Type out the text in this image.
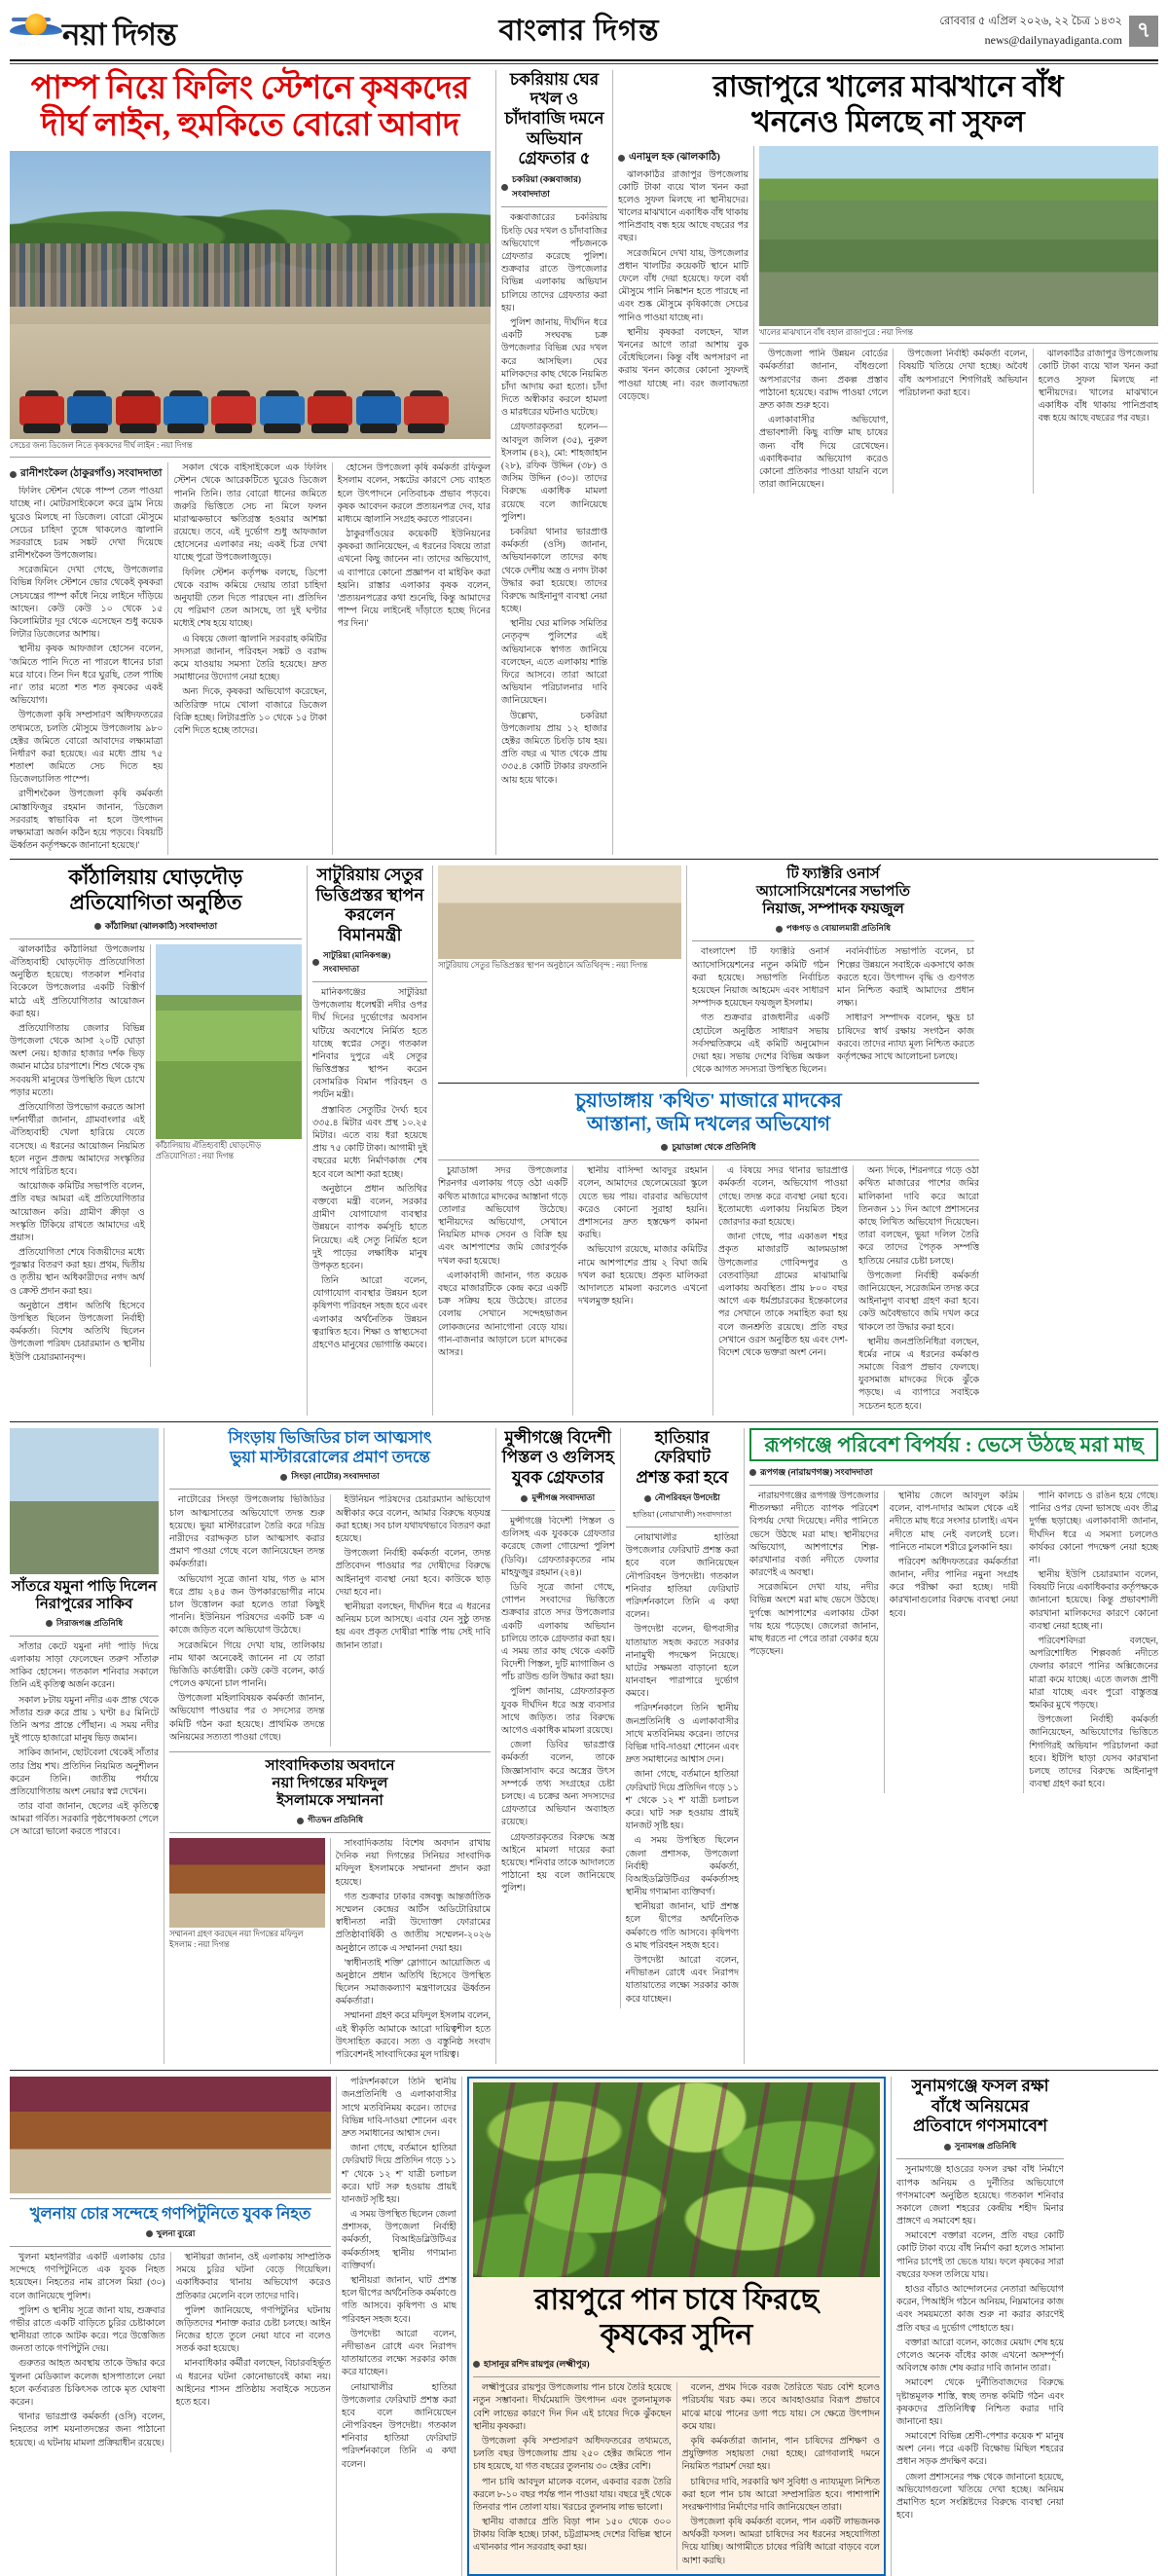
নয়া দিগন্ত	বাংলার দিগন্ত	রোববার ৫ এপ্রিল ২০২৬, ২২ চৈত্র ১৪৩২
news@dailynayadiganta.com ৭
পাম্প নিয়ে ফিলিং স্টেশনে কৃষকদের
দীর্ঘ লাইন, হুমকিতে বোরো আবাদ
সেচের জন্য ডিজেল নিতে কৃষকদের দীর্ঘ লাইন : নয়া দিগন্ত
রানীশংকৈল (ঠাকুরগাঁও) সংবাদদাতা

ফিলিং স্টেশন থেকে পাম্প তেল পাওয়া যাচ্ছে না। মোটরসাইকেলে করে ড্রাম নিয়ে ঘুরেও মিলছে না ডিজেল। বোরো মৌসুমে সেচের চাহিদা তুঙ্গে থাকলেও জ্বালানি সরবরাহে চরম সঙ্কট দেখা দিয়েছে রানীশংকৈল উপজেলায়।

সরেজমিনে দেখা গেছে, উপজেলার বিভিন্ন ফিলিং স্টেশনে ভোর থেকেই কৃষকরা সেচযন্ত্রের পাম্প কাঁধে নিয়ে লাইনে দাঁড়িয়ে আছেন। কেউ কেউ ১০ থেকে ১৫ কিলোমিটার দূর থেকে এসেছেন শুধু কয়েক লিটার ডিজেলের আশায়।

স্থানীয় কৃষক আফজাল হোসেন বলেন, 'জমিতে পানি দিতে না পারলে ধানের চারা মরে যাবে। তিন দিন ধরে ঘুরছি, তেল পাচ্ছি না।' তার মতো শত শত কৃষকের একই অভিযোগ।

উপজেলা কৃষি সম্প্রসারণ অধিদফতরের তথ্যমতে, চলতি মৌসুমে উপজেলায় ৯৮০ হেক্টর জমিতে বোরো আবাদের লক্ষ্যমাত্রা নির্ধারণ করা হয়েছে। এর মধ্যে প্রায় ৭৫ শতাংশ জমিতে সেচ দিতে হয় ডিজেলচালিত পাম্পে।

রাণীশংকৈল উপজেলা কৃষি কর্মকর্তা মোস্তাফিজুর রহমান জানান, 'ডিজেল সরবরাহ স্বাভাবিক না হলে উৎপাদন লক্ষ্যমাত্রা অর্জন কঠিন হয়ে পড়বে। বিষয়টি ঊর্ধ্বতন কর্তৃপক্ষকে জানানো হয়েছে।'

সকাল থেকে বাইসাইকেলে এক ফিলিং স্টেশন থেকে আরেকটিতে ঘুরেও ডিজেল পাননি তিনি। তার বোরো ধানের জমিতে জরুরি ভিত্তিতে সেচ না মিলে ফলন মারাত্মকভাবে ক্ষতিগ্রস্ত হওয়ার আশঙ্কা রয়েছে। তবে, এই দুর্ভোগ শুধু আফজাল হোসেনের এলাকার নয়; একই চিত্র দেখা যাচ্ছে পুরো উপজেলাজুড়ে।

ফিলিং স্টেশন কর্তৃপক্ষ বলছে, ডিপো থেকে বরাদ্দ কমিয়ে দেয়ায় তারা চাহিদা অনুযায়ী তেল দিতে পারছেন না। প্রতিদিন যে পরিমাণ তেল আসছে, তা দুই ঘণ্টার মধ্যেই শেষ হয়ে যাচ্ছে।

এ বিষয়ে জেলা জ্বালানি সরবরাহ কমিটির সদস্যরা জানান, পরিবহন সঙ্কট ও বরাদ্দ কমে যাওয়ায় সমস্যা তৈরি হয়েছে। দ্রুত সমাধানের উদ্যোগ নেয়া হচ্ছে।

অন্য দিকে, কৃষকরা অভিযোগ করেছেন, অতিরিক্ত দামে খোলা বাজারে ডিজেল বিক্রি হচ্ছে। লিটারপ্রতি ১০ থেকে ১৫ টাকা বেশি দিতে হচ্ছে তাদের।

হোসেন উপজেলা কৃষি কর্মকর্তা রফিকুল ইসলাম বলেন, সঙ্কটের কারণে সেচ ব্যাহত হলে উৎপাদনে নেতিবাচক প্রভাব পড়বে। কৃষক আবেদন করলে প্রত্যয়নপত্র দেব, যার মাধ্যমে জ্বালানি সংগ্রহ করতে পারবেন।

ঠাকুরগাঁওয়ের কয়েকটি ইউনিয়নের কৃষকরা জানিয়েছেন, এ ধরনের বিষয়ে তারা এখনো কিছু জানেন না। তাদের অভিযোগ, এ ব্যাপারে কোনো প্রজ্ঞাপন বা মাইকিং করা হয়নি। রাস্তার এলাকার কৃষক বলেন, 'প্রত্যয়নপত্রের কথা শুনেছি, কিন্তু আমাদের পাম্প নিয়ে লাইনেই দাঁড়াতে হচ্ছে দিনের পর দিন।'

চকরিয়ায় ঘের দখল ও চাঁদাবাজি দমনে অভিযান গ্রেফতার ৫
চকরিয়া (কক্সবাজার) সংবাদদাতা

কক্সবাজারের চকরিয়ায় চিংড়ি ঘের দখল ও চাঁদাবাজির অভিযোগে পাঁচজনকে গ্রেফতার করেছে পুলিশ। শুক্রবার রাতে উপজেলার বিভিন্ন এলাকায় অভিযান চালিয়ে তাদের গ্রেফতার করা হয়।

পুলিশ জানায়, দীর্ঘদিন ধরে একটি সংঘবদ্ধ চক্র উপজেলার বিভিন্ন ঘের দখল করে আসছিল। ঘের মালিকদের কাছ থেকে নিয়মিত চাঁদা আদায় করা হতো। চাঁদা দিতে অস্বীকার করলে হামলা ও মারধরের ঘটনাও ঘটেছে।

গ্রেফতারকৃতরা হলেন—আবদুল জলিল (৩৫), নুরুল ইসলাম (৪২), মো: শাহজাহান (২৮), রফিক উদ্দিন (৩৮) ও জসিম উদ্দিন (৩০)। তাদের বিরুদ্ধে একাধিক মামলা রয়েছে বলে জানিয়েছে পুলিশ।

চকরিয়া থানার ভারপ্রাপ্ত কর্মকর্তা (ওসি) জানান, অভিযানকালে তাদের কাছ থেকে দেশীয় অস্ত্র ও নগদ টাকা উদ্ধার করা হয়েছে। তাদের বিরুদ্ধে আইনানুগ ব্যবস্থা নেয়া হচ্ছে।

স্থানীয় ঘের মালিক সমিতির নেতৃবৃন্দ পুলিশের এই অভিযানকে স্বাগত জানিয়ে বলেছেন, এতে এলাকায় শান্তি ফিরে আসবে। তারা আরো অভিযান পরিচালনার দাবি জানিয়েছেন।

উল্লেখ্য, চকরিয়া উপজেলায় প্রায় ১২ হাজার হেক্টর জমিতে চিংড়ি চাষ হয়। প্রতি বছর এ খাত থেকে প্রায় ৩৩৫.৪ কোটি টাকার রফতানি আয় হয়ে থাকে।

রাজাপুরে খালের মাঝখানে বাঁধ
খননেও মিলছে না সুফল
এনামুল হক (ঝালকাঠি)

ঝালকাঠির রাজাপুর উপজেলায় কোটি টাকা ব্যয়ে খাল খনন করা হলেও সুফল মিলছে না স্থানীয়দের। খালের মাঝখানে একাধিক বাঁধ থাকায় পানিপ্রবাহ বন্ধ হয়ে আছে বছরের পর বছর।

সরেজমিনে দেখা যায়, উপজেলার প্রধান খালটির কয়েকটি স্থানে মাটি ফেলে বাঁধ দেয়া হয়েছে। ফলে বর্ষা মৌসুমে পানি নিষ্কাশন হতে পারছে না এবং শুষ্ক মৌসুমে কৃষিকাজে সেচের পানিও পাওয়া যাচ্ছে না।

স্থানীয় কৃষকরা বলছেন, খাল খননের আগে তারা আশায় বুক বেঁধেছিলেন। কিন্তু বাঁধ অপসারণ না করায় খনন কাজের কোনো সুফলই পাওয়া যাচ্ছে না। বরং জলাবদ্ধতা বেড়েছে।

খালের মাঝখানে বাঁধ বহাল রাজাপুরে : নয়া দিগন্ত

উপজেলা পানি উন্নয়ন বোর্ডের কর্মকর্তারা জানান, বাঁধগুলো অপসারণের জন্য প্রকল্প প্রস্তাব পাঠানো হয়েছে। বরাদ্দ পাওয়া গেলে দ্রুত কাজ শুরু হবে।

এলাকাবাসীর অভিযোগ, প্রভাবশালী কিছু ব্যক্তি মাছ চাষের জন্য বাঁধ দিয়ে রেখেছেন। একাধিকবার অভিযোগ করেও কোনো প্রতিকার পাওয়া যায়নি বলে তারা জানিয়েছেন।

উপজেলা নির্বাহী কর্মকর্তা বলেন, বিষয়টি খতিয়ে দেখা হচ্ছে। অবৈধ বাঁধ অপসারণে শিগগিরই অভিযান পরিচালনা করা হবে।

ঝালকাঠির রাজাপুর উপজেলায় কোটি টাকা ব্যয়ে খাল খনন করা হলেও সুফল মিলছে না স্থানীয়দের। খালের মাঝখানে একাধিক বাঁধ থাকায় পানিপ্রবাহ বন্ধ হয়ে আছে বছরের পর বছর।

কাঁঠালিয়ায় ঘোড়দৌড়
প্রতিযোগিতা অনুষ্ঠিত
কাঁঠালিয়া (ঝালকাঠি) সংবাদদাতা

ঝালকাঠির কাঁঠালিয়া উপজেলায় ঐতিহ্যবাহী ঘোড়দৌড় প্রতিযোগিতা অনুষ্ঠিত হয়েছে। গতকাল শনিবার বিকেলে উপজেলার একটি বিস্তীর্ণ মাঠে এই প্রতিযোগিতার আয়োজন করা হয়।

প্রতিযোগিতায় জেলার বিভিন্ন উপজেলা থেকে আসা ২০টি ঘোড়া অংশ নেয়। হাজার হাজার দর্শক ভিড় জমান মাঠের চারপাশে। শিশু থেকে বৃদ্ধ সববয়সী মানুষের উপস্থিতি ছিল চোখে পড়ার মতো।

প্রতিযোগিতা উপভোগ করতে আসা দর্শনার্থীরা জানান, গ্রামবাংলার এই ঐতিহ্যবাহী খেলা হারিয়ে যেতে বসেছে। এ ধরনের আয়োজন নিয়মিত হলে নতুন প্রজন্ম আমাদের সংস্কৃতির সাথে পরিচিত হবে।

আয়োজক কমিটির সভাপতি বলেন, প্রতি বছর আমরা এই প্রতিযোগিতার আয়োজন করি। গ্রামীণ ক্রীড়া ও সংস্কৃতি টিকিয়ে রাখতে আমাদের এই প্রয়াস।

প্রতিযোগিতা শেষে বিজয়ীদের মধ্যে পুরস্কার বিতরণ করা হয়। প্রথম, দ্বিতীয় ও তৃতীয় স্থান অধিকারীদের নগদ অর্থ ও ক্রেস্ট প্রদান করা হয়।

অনুষ্ঠানে প্রধান অতিথি হিসেবে উপস্থিত ছিলেন উপজেলা নির্বাহী কর্মকর্তা। বিশেষ অতিথি ছিলেন উপজেলা পরিষদ চেয়ারম্যান ও স্থানীয় ইউপি চেয়ারম্যানবৃন্দ।

কাঁঠালিয়ায় ঐতিহ্যবাহী ঘোড়দৌড় প্রতিযোগিতা : নয়া দিগন্ত
সাটুরিয়ায় সেতুর
ভিত্তিপ্রস্তর স্থাপন
করলেন বিমানমন্ত্রী
সাটুরিয়া (মানিকগঞ্জ) সংবাদদাতা

মানিকগঞ্জের সাটুরিয়া উপজেলায় ধলেশ্বরী নদীর ওপর দীর্ঘ দিনের দুর্ভোগের অবসান ঘটিয়ে অবশেষে নির্মিত হতে যাচ্ছে স্বপ্নের সেতু। গতকাল শনিবার দুপুরে এই সেতুর ভিত্তিপ্রস্তর স্থাপন করেন বেসামরিক বিমান পরিবহন ও পর্যটন মন্ত্রী।

প্রস্তাবিত সেতুটির দৈর্ঘ্য হবে ৩৩৫.৪ মিটার এবং প্রস্থ ১০.২৫ মিটার। এতে ব্যয় ধরা হয়েছে প্রায় ৭৫ কোটি টাকা। আগামী দুই বছরের মধ্যে নির্মাণকাজ শেষ হবে বলে আশা করা হচ্ছে।

অনুষ্ঠানে প্রধান অতিথির বক্তব্যে মন্ত্রী বলেন, সরকার গ্রামীণ যোগাযোগ ব্যবস্থার উন্নয়নে ব্যাপক কর্মসূচি হাতে নিয়েছে। এই সেতু নির্মিত হলে দুই পাড়ের লক্ষাধিক মানুষ উপকৃত হবেন।

তিনি আরো বলেন, যোগাযোগ ব্যবস্থার উন্নয়ন হলে কৃষিপণ্য পরিবহন সহজ হবে এবং এলাকার অর্থনৈতিক উন্নয়ন ত্বরান্বিত হবে। শিক্ষা ও স্বাস্থ্যসেবা গ্রহণেও মানুষের ভোগান্তি কমবে।

সাটুরিয়ায় সেতুর ভিত্তিপ্রস্তর স্থাপন অনুষ্ঠানে অতিথিবৃন্দ : নয়া দিগন্ত
টি ফ্যাক্টরি ওনার্স
অ্যাসোসিয়েশনের সভাপতি
নিয়াজ, সম্পাদক ফয়জুল
পঞ্চগড় ও বোয়ালমারী প্রতিনিধি

বাংলাদেশ টি ফ্যাক্টরি ওনার্স অ্যাসোসিয়েশনের নতুন কমিটি গঠন করা হয়েছে। সভাপতি নির্বাচিত হয়েছেন নিয়াজ আহমেদ এবং সাধারণ সম্পাদক হয়েছেন ফয়জুল ইসলাম।

গত শুক্রবার রাজধানীর একটি হোটেলে অনুষ্ঠিত সাধারণ সভায় সর্বসম্মতিক্রমে এই কমিটি অনুমোদন দেয়া হয়। সভায় দেশের বিভিন্ন অঞ্চল থেকে আগত সদস্যরা উপস্থিত ছিলেন।

নবনির্বাচিত সভাপতি বলেন, চা শিল্পের উন্নয়নে সবাইকে একসাথে কাজ করতে হবে। উৎপাদন বৃদ্ধি ও গুণগত মান নিশ্চিত করাই আমাদের প্রধান লক্ষ্য।

সাধারণ সম্পাদক বলেন, ক্ষুদ্র চা চাষিদের স্বার্থ রক্ষায় সংগঠন কাজ করবে। তাদের ন্যায্য মূল্য নিশ্চিত করতে কর্তৃপক্ষের সাথে আলোচনা চলছে।

চুয়াডাঙ্গায় 'কথিত' মাজারে মাদকের
আস্তানা, জমি দখলের অভিযোগ
চুয়াডাঙ্গা থেকে প্রতিনিধি

চুয়াডাঙ্গা সদর উপজেলার শিরনগর এলাকায় গড়ে ওঠা একটি কথিত মাজারে মাদকের আস্তানা গড়ে তোলার অভিযোগ উঠেছে। স্থানীয়দের অভিযোগ, সেখানে নিয়মিত মাদক সেবন ও বিক্রি হয় এবং আশপাশের জমি জোরপূর্বক দখল করা হয়েছে।

এলাকাবাসী জানান, গত কয়েক বছরে মাজারটিকে কেন্দ্র করে একটি চক্র সক্রিয় হয়ে উঠেছে। রাতের বেলায় সেখানে সন্দেহভাজন লোকজনের আনাগোনা বেড়ে যায়। গান-বাজনার আড়ালে চলে মাদকের আসর।

স্থানীয় বাসিন্দা আবদুর রহমান বলেন, আমাদের ছেলেমেয়েরা স্কুলে যেতে ভয় পায়। বারবার অভিযোগ করেও কোনো সুরাহা হয়নি। প্রশাসনের দ্রুত হস্তক্ষেপ কামনা করছি।

অভিযোগ রয়েছে, মাজার কমিটির নামে আশপাশের প্রায় ২ বিঘা জমি দখল করা হয়েছে। প্রকৃত মালিকরা আদালতে মামলা করলেও এখনো দখলমুক্ত হয়নি।

এ বিষয়ে সদর থানার ভারপ্রাপ্ত কর্মকর্তা বলেন, অভিযোগ পাওয়া গেছে। তদন্ত করে ব্যবস্থা নেয়া হবে। ইতোমধ্যে এলাকায় নিয়মিত টহল জোরদার করা হয়েছে।

জানা গেছে, পার একাঙল শহর প্রকৃত মাজারটি আলমডাঙ্গা উপজেলার গোবিন্দপুর ও বেতবাড়িয়া গ্রামের মাঝামাঝি এলাকায় অবস্থিত। প্রায় ৮০০ বছর আগে এক ধর্মপ্রচারকের ইন্তেকালের পর সেখানে তাকে সমাহিত করা হয় বলে জনশ্রুতি রয়েছে। প্রতি বছর সেখানে ওরস অনুষ্ঠিত হয় এবং দেশ-বিদেশ থেকে ভক্তরা অংশ নেন।

অন্য দিকে, শিরনগরে গড়ে ওঠা কথিত মাজারের পাশের জমির মালিকানা দাবি করে আরো তিনজন ১১ দিন আগে প্রশাসনের কাছে লিখিত অভিযোগ দিয়েছেন। তারা বলছেন, ভুয়া দলিল তৈরি করে তাদের পৈতৃক সম্পত্তি হাতিয়ে নেয়ার চেষ্টা চলছে।

উপজেলা নির্বাহী কর্মকর্তা জানিয়েছেন, সরেজমিন তদন্ত করে আইনানুগ ব্যবস্থা গ্রহণ করা হবে। কেউ অবৈধভাবে জমি দখল করে থাকলে তা উদ্ধার করা হবে।

স্থানীয় জনপ্রতিনিধিরা বলছেন, ধর্মের নামে এ ধরনের কর্মকাণ্ড সমাজে বিরূপ প্রভাব ফেলছে। যুবসমাজ মাদকের দিকে ঝুঁকে পড়ছে। এ ব্যাপারে সবাইকে সচেতন হতে হবে।

সাঁতরে যমুনা পাড়ি দিলেন
নিরাপুরের সাকিব
সিরাজগঞ্জ প্রতিনিধি

সাঁতার কেটে যমুনা নদী পাড়ি দিয়ে এলাকায় সাড়া ফেলেছেন তরুণ সাঁতারু সাকিব হোসেন। গতকাল শনিবার সকালে তিনি এই কৃতিত্ব অর্জন করেন।

সকাল ৮টায় যমুনা নদীর এক প্রান্ত থেকে সাঁতার শুরু করে প্রায় ১ ঘণ্টা ৪৫ মিনিটে তিনি অপর প্রান্তে পৌঁছান। এ সময় নদীর দুই পাড়ে হাজারো মানুষ ভিড় জমান।

সাকিব জানান, ছোটবেলা থেকেই সাঁতার তার প্রিয় শখ। প্রতিদিন নিয়মিত অনুশীলন করেন তিনি। জাতীয় পর্যায়ে প্রতিযোগিতায় অংশ নেয়ার স্বপ্ন দেখেন।

তার বাবা জানান, ছেলের এই কৃতিত্বে আমরা গর্বিত। সরকারি পৃষ্ঠপোষকতা পেলে সে আরো ভালো করতে পারবে।

সিংড়ায় ভিজিডির চাল আত্মসাৎ
ভুয়া মাস্টাররোলের প্রমাণ তদন্তে
সিংড়া (নাটোর) সংবাদদাতা

নাটোরের সিংড়া উপজেলায় ভিজিডির চাল আত্মসাতের অভিযোগে তদন্ত শুরু হয়েছে। ভুয়া মাস্টাররোল তৈরি করে দরিদ্র নারীদের বরাদ্দকৃত চাল আত্মসাৎ করার প্রমাণ পাওয়া গেছে বলে জানিয়েছেন তদন্ত কর্মকর্তারা।

অভিযোগ সূত্রে জানা যায়, গত ৬ মাস ধরে প্রায় ২৪৫ জন উপকারভোগীর নামে চাল উত্তোলন করা হলেও তারা কিছুই পাননি। ইউনিয়ন পরিষদের একটি চক্র এ কাজে জড়িত বলে অভিযোগ উঠেছে।

সরেজমিনে গিয়ে দেখা যায়, তালিকায় নাম থাকা অনেকেই জানেন না যে তারা ভিজিডি কার্ডধারী। কেউ কেউ বলেন, কার্ড পেলেও কখনো চাল পাননি।

উপজেলা মহিলাবিষয়ক কর্মকর্তা জানান, অভিযোগ পাওয়ার পর ৩ সদস্যের তদন্ত কমিটি গঠন করা হয়েছে। প্রাথমিক তদন্তে অনিয়মের সত্যতা পাওয়া গেছে।

ইউনিয়ন পরিষদের চেয়ারম্যান অভিযোগ অস্বীকার করে বলেন, আমার বিরুদ্ধে ষড়যন্ত্র করা হচ্ছে। সব চাল যথাযথভাবে বিতরণ করা হয়েছে।

উপজেলা নির্বাহী কর্মকর্তা বলেন, তদন্ত প্রতিবেদন পাওয়ার পর দোষীদের বিরুদ্ধে আইনানুগ ব্যবস্থা নেয়া হবে। কাউকে ছাড় দেয়া হবে না।

স্থানীয়রা বলছেন, দীর্ঘদিন ধরে এ ধরনের অনিয়ম চলে আসছে। এবার যেন সুষ্ঠু তদন্ত হয় এবং প্রকৃত দোষীরা শাস্তি পায় সেই দাবি জানান তারা।

সাংবাদিকতায় অবদানে
নয়া দিগন্তের মফিদুল
ইসলামকে সম্মাননা
গীতদ্বন প্রতিনিধি
সম্মাননা গ্রহণ করছেন নয়া দিগন্তের মফিদুল ইসলাম : নয়া দিগন্ত

সাংবাদিকতায় বিশেষ অবদান রাখায় দৈনিক নয়া দিগন্তের সিনিয়র সাংবাদিক মফিদুল ইসলামকে সম্মাননা প্রদান করা হয়েছে।

গত শুক্রবার ঢাকার বঙ্গবন্ধু আন্তর্জাতিক সম্মেলন কেন্দ্রের আর্টস অডিটোরিয়ামে স্বাধীনতা নারী উদ্যোক্তা ফোরামের প্রতিষ্ঠাবার্ষিকী ও জাতীয় সম্মেলন-২০২৬ অনুষ্ঠানে তাকে এ সম্মাননা দেয়া হয়।

'স্বাধীনতাই শক্তি' স্লোগানে আয়োজিত এ অনুষ্ঠানে প্রধান অতিথি হিসেবে উপস্থিত ছিলেন সমাজকল্যাণ মন্ত্রণালয়ের ঊর্ধ্বতন কর্মকর্তারা।

সম্মাননা গ্রহণ করে মফিদুল ইসলাম বলেন, এই স্বীকৃতি আমাকে আরো দায়িত্বশীল হতে উৎসাহিত করবে। সত্য ও বস্তুনিষ্ঠ সংবাদ পরিবেশনই সাংবাদিকের মূল দায়িত্ব।

মুন্সীগঞ্জে বিদেশী
পিস্তল ও গুলিসহ
যুবক গ্রেফতার
মুন্সীগঞ্জ সংবাদদাতা

মুন্সীগঞ্জে বিদেশী পিস্তল ও গুলিসহ এক যুবককে গ্রেফতার করেছে জেলা গোয়েন্দা পুলিশ (ডিবি)। গ্রেফতারকৃতের নাম মাহফুজুর রহমান (২৪)।

ডিবি সূত্রে জানা গেছে, গোপন সংবাদের ভিত্তিতে শুক্রবার রাতে সদর উপজেলার একটি এলাকায় অভিযান চালিয়ে তাকে গ্রেফতার করা হয়। এ সময় তার কাছ থেকে একটি বিদেশী পিস্তল, দুটি ম্যাগাজিন ও পাঁচ রাউন্ড গুলি উদ্ধার করা হয়।

পুলিশ জানায়, গ্রেফতারকৃত যুবক দীর্ঘদিন ধরে অস্ত্র ব্যবসার সাথে জড়িত। তার বিরুদ্ধে আগেও একাধিক মামলা রয়েছে।

জেলা ডিবির ভারপ্রাপ্ত কর্মকর্তা বলেন, তাকে জিজ্ঞাসাবাদ করে অস্ত্রের উৎস সম্পর্কে তথ্য সংগ্রহের চেষ্টা চলছে। এ চক্রের অন্য সদস্যদের গ্রেফতারে অভিযান অব্যাহত রয়েছে।

গ্রেফতারকৃতের বিরুদ্ধে অস্ত্র আইনে মামলা দায়ের করা হয়েছে। শনিবার তাকে আদালতে পাঠানো হয় বলে জানিয়েছে পুলিশ।

হাতিয়ার ফেরিঘাট
প্রশস্ত করা হবে
নৌপরিবহন উপদেষ্টা
হাতিয়া (নোয়াখালী) সংবাদদাতা

নোয়াখালীর হাতিয়া উপজেলার ফেরিঘাট প্রশস্ত করা হবে বলে জানিয়েছেন নৌপরিবহন উপদেষ্টা। গতকাল শনিবার হাতিয়া ফেরিঘাট পরিদর্শনকালে তিনি এ কথা বলেন।

উপদেষ্টা বলেন, দ্বীপবাসীর যাতায়াত সহজ করতে সরকার নানামুখী পদক্ষেপ নিয়েছে। ঘাটের সক্ষমতা বাড়ানো হলে যানবাহন পারাপারে দুর্ভোগ কমবে।

পরিদর্শনকালে তিনি স্থানীয় জনপ্রতিনিধি ও এলাকাবাসীর সাথে মতবিনিময় করেন। তাদের বিভিন্ন দাবি-দাওয়া শোনেন এবং দ্রুত সমাধানের আশ্বাস দেন।

জানা গেছে, বর্তমানে হাতিয়া ফেরিঘাট দিয়ে প্রতিদিন গড়ে ১১ শ' থেকে ১২ শ' যাত্রী চলাচল করে। ঘাট সরু হওয়ায় প্রায়ই যানজট সৃষ্টি হয়।

এ সময় উপস্থিত ছিলেন জেলা প্রশাসক, উপজেলা নির্বাহী কর্মকর্তা, বিআইডব্লিউটিএর কর্মকর্তাসহ স্থানীয় গণ্যমান্য ব্যক্তিবর্গ।

স্থানীয়রা জানান, ঘাট প্রশস্ত হলে দ্বীপের অর্থনৈতিক কর্মকাণ্ডে গতি আসবে। কৃষিপণ্য ও মাছ পরিবহন সহজ হবে।

উপদেষ্টা আরো বলেন, নদীভাঙন রোধে এবং নিরাপদ যাতায়াতের লক্ষ্যে সরকার কাজ করে যাচ্ছেন।

রূপগঞ্জে পরিবেশ বিপর্যয় : ভেসে উঠছে মরা মাছ
রূপগঞ্জ (নারায়ণগঞ্জ) সংবাদদাতা

নারায়ণগঞ্জের রূপগঞ্জ উপজেলার শীতলক্ষ্যা নদীতে ব্যাপক পরিবেশ বিপর্যয় দেখা দিয়েছে। নদীর পানিতে ভেসে উঠছে মরা মাছ। স্থানীয়দের অভিযোগ, আশপাশের শিল্প-কারখানার বর্জ্য নদীতে ফেলার কারণেই এ অবস্থা।

সরেজমিনে দেখা যায়, নদীর বিভিন্ন অংশে মরা মাছ ভেসে উঠছে। দুর্গন্ধে আশপাশের এলাকায় টেকা দায় হয়ে পড়েছে। জেলেরা জানান, মাছ ধরতে না পেরে তারা বেকার হয়ে পড়েছেন।

স্থানীয় জেলে আবদুল করিম বলেন, বাপ-দাদার আমল থেকে এই নদীতে মাছ ধরে সংসার চালাই। এখন নদীতে মাছ নেই বললেই চলে। পানিতে নামলে শরীরে চুলকানি হয়।

পরিবেশ অধিদফতরের কর্মকর্তারা জানান, নদীর পানির নমুনা সংগ্রহ করে পরীক্ষা করা হচ্ছে। দায়ী কারখানাগুলোর বিরুদ্ধে ব্যবস্থা নেয়া হবে।

পানি কালচে ও রঙিন হয়ে গেছে। পানির ওপর ফেনা ভাসছে এবং তীব্র দুর্গন্ধ ছড়াচ্ছে। এলাকাবাসী জানান, দীর্ঘদিন ধরে এ সমস্যা চললেও কার্যকর কোনো পদক্ষেপ নেয়া হচ্ছে না।

স্থানীয় ইউপি চেয়ারম্যান বলেন, বিষয়টি নিয়ে একাধিকবার কর্তৃপক্ষকে জানানো হয়েছে। কিন্তু প্রভাবশালী কারখানা মালিকদের কারণে কোনো ব্যবস্থা নেয়া হচ্ছে না।

পরিবেশবিদরা বলছেন, অপরিশোধিত শিল্পবর্জ্য নদীতে ফেলার কারণে পানির অক্সিজেনের মাত্রা কমে যাচ্ছে। এতে জলজ প্রাণী মারা যাচ্ছে এবং পুরো বাস্তুতন্ত্র হুমকির মুখে পড়ছে।

উপজেলা নির্বাহী কর্মকর্তা জানিয়েছেন, অভিযোগের ভিত্তিতে শিগগিরই অভিযান পরিচালনা করা হবে। ইটিপি ছাড়া যেসব কারখানা চলছে তাদের বিরুদ্ধে আইনানুগ ব্যবস্থা গ্রহণ করা হবে।

খুলনায় চোর সন্দেহে গণপিটুনিতে যুবক নিহত
খুলনা ব্যুরো

খুলনা মহানগরীর একটি এলাকায় চোর সন্দেহে গণপিটুনিতে এক যুবক নিহত হয়েছেন। নিহতের নাম রাসেল মিয়া (৩০) বলে জানিয়েছে পুলিশ।

পুলিশ ও স্থানীয় সূত্রে জানা যায়, শুক্রবার গভীর রাতে একটি বাড়িতে চুরির চেষ্টাকালে স্থানীয়রা তাকে আটক করে। পরে উত্তেজিত জনতা তাকে গণপিটুনি দেয়।

গুরুতর আহত অবস্থায় তাকে উদ্ধার করে খুলনা মেডিক্যাল কলেজ হাসপাতালে নেয়া হলে কর্তব্যরত চিকিৎসক তাকে মৃত ঘোষণা করেন।

থানার ভারপ্রাপ্ত কর্মকর্তা (ওসি) বলেন, নিহতের লাশ ময়নাতদন্তের জন্য পাঠানো হয়েছে। এ ঘটনায় মামলা প্রক্রিয়াধীন রয়েছে।

স্থানীয়রা জানান, ওই এলাকায় সাম্প্রতিক সময়ে চুরির ঘটনা বেড়ে গিয়েছিল। একাধিকবার থানায় অভিযোগ করেও প্রতিকার মেলেনি বলে তাদের দাবি।

পুলিশ জানিয়েছে, গণপিটুনির ঘটনায় জড়িতদের শনাক্ত করার চেষ্টা চলছে। আইন নিজের হাতে তুলে নেয়া যাবে না বলেও সতর্ক করা হয়েছে।

মানবাধিকার কর্মীরা বলছেন, বিচারবহির্ভূত এ ধরনের ঘটনা কোনোভাবেই কাম্য নয়। আইনের শাসন প্রতিষ্ঠায় সবাইকে সচেতন হতে হবে।

পরিদর্শনকালে তিনি স্থানীয় জনপ্রতিনিধি ও এলাকাবাসীর সাথে মতবিনিময় করেন। তাদের বিভিন্ন দাবি-দাওয়া শোনেন এবং দ্রুত সমাধানের আশ্বাস দেন।

জানা গেছে, বর্তমানে হাতিয়া ফেরিঘাট দিয়ে প্রতিদিন গড়ে ১১ শ' থেকে ১২ শ' যাত্রী চলাচল করে। ঘাট সরু হওয়ায় প্রায়ই যানজট সৃষ্টি হয়।

এ সময় উপস্থিত ছিলেন জেলা প্রশাসক, উপজেলা নির্বাহী কর্মকর্তা, বিআইডব্লিউটিএর কর্মকর্তাসহ স্থানীয় গণ্যমান্য ব্যক্তিবর্গ।

স্থানীয়রা জানান, ঘাট প্রশস্ত হলে দ্বীপের অর্থনৈতিক কর্মকাণ্ডে গতি আসবে। কৃষিপণ্য ও মাছ পরিবহন সহজ হবে।

উপদেষ্টা আরো বলেন, নদীভাঙন রোধে এবং নিরাপদ যাতায়াতের লক্ষ্যে সরকার কাজ করে যাচ্ছেন।

নোয়াখালীর হাতিয়া উপজেলার ফেরিঘাট প্রশস্ত করা হবে বলে জানিয়েছেন নৌপরিবহন উপদেষ্টা। গতকাল শনিবার হাতিয়া ফেরিঘাট পরিদর্শনকালে তিনি এ কথা বলেন।

রায়পুরে পান চাষে ফিরছে
কৃষকের সুদিন
হাসানুর রশিদ রায়পুর (লক্ষ্মীপুর)

লক্ষ্মীপুরের রায়পুর উপজেলায় পান চাষে তৈরি হয়েছে নতুন সম্ভাবনা। দীর্ঘমেয়াদি উৎপাদন এবং তুলনামূলক বেশি লাভের কারণে দিন দিন এই চাষের দিকে ঝুঁকছেন স্থানীয় কৃষকরা।

উপজেলা কৃষি সম্প্রসারণ অধিদফতরের তথ্যমতে, চলতি বছর উপজেলায় প্রায় ২৫০ হেক্টর জমিতে পান চাষ হয়েছে, যা গত বছরের তুলনায় ৩০ হেক্টর বেশি।

পান চাষি আবদুল মালেক বলেন, একবার বরজ তৈরি করলে ৮-১০ বছর পর্যন্ত পান পাওয়া যায়। বছরে দুই থেকে তিনবার পান তোলা যায়। খরচের তুলনায় লাভ ভালো।

স্থানীয় বাজারে প্রতি বিড়া পান ১৫০ থেকে ৩০০ টাকায় বিক্রি হচ্ছে। ঢাকা, চট্টগ্রামসহ দেশের বিভিন্ন স্থানে এখানকার পান সরবরাহ করা হয়।

বলেন, প্রথম দিকে বরজ তৈরিতে খরচ বেশি হলেও পরিচর্যায় খরচ কম। তবে আবহাওয়ার বিরূপ প্রভাবে মাঝে মাঝে পানের ডগা পচে যায়। সে ক্ষেত্রে উৎপাদন কমে যায়।

কৃষি কর্মকর্তারা জানান, পান চাষিদের প্রশিক্ষণ ও প্রযুক্তিগত সহায়তা দেয়া হচ্ছে। রোগবালাই দমনে নিয়মিত পরামর্শ দেয়া হয়।

চাষিদের দাবি, সরকারি ঋণ সুবিধা ও ন্যায্যমূল্য নিশ্চিত করা হলে পান চাষ আরো সম্প্রসারিত হবে। পাশাপাশি সংরক্ষণাগার নির্মাণের দাবি জানিয়েছেন তারা।

উপজেলা কৃষি কর্মকর্তা বলেন, পান একটি লাভজনক অর্থকরী ফসল। আমরা চাষিদের সব ধরনের সহযোগিতা দিয়ে যাচ্ছি। আগামীতে চাষের পরিধি আরো বাড়বে বলে আশা করছি।

সুনামগঞ্জে ফসল রক্ষা
বাঁধে অনিয়মের
প্রতিবাদে গণসমাবেশ
সুনামগঞ্জ প্রতিনিধি

সুনামগঞ্জে হাওরের ফসল রক্ষা বাঁধ নির্মাণে ব্যাপক অনিয়ম ও দুর্নীতির অভিযোগে গণসমাবেশ অনুষ্ঠিত হয়েছে। গতকাল শনিবার সকালে জেলা শহরের কেন্দ্রীয় শহীদ মিনার প্রাঙ্গণে এ সমাবেশ হয়।

সমাবেশে বক্তারা বলেন, প্রতি বছর কোটি কোটি টাকা ব্যয়ে বাঁধ নির্মাণ করা হলেও সামান্য পানির চাপেই তা ভেঙে যায়। ফলে কৃষকের সারা বছরের ফসল তলিয়ে যায়।

হাওর বাঁচাও আন্দোলনের নেতারা অভিযোগ করেন, পিআইসি গঠনে অনিয়ম, নিম্নমানের কাজ এবং সময়মতো কাজ শুরু না করার কারণেই প্রতি বছর এ দুর্ভোগ পোহাতে হয়।

বক্তারা আরো বলেন, কাজের মেয়াদ শেষ হয়ে গেলেও অনেক বাঁধের কাজ এখনো অসম্পূর্ণ। অবিলম্বে কাজ শেষ করার দাবি জানান তারা।

সমাবেশ থেকে দুর্নীতিবাজদের বিরুদ্ধে দৃষ্টান্তমূলক শাস্তি, স্বচ্ছ তদন্ত কমিটি গঠন এবং কৃষকদের প্রতিনিধিত্ব নিশ্চিত করার দাবি জানানো হয়।

সমাবেশে বিভিন্ন শ্রেণী-পেশার কয়েক শ' মানুষ অংশ নেন। পরে একটি বিক্ষোভ মিছিল শহরের প্রধান সড়ক প্রদক্ষিণ করে।

জেলা প্রশাসনের পক্ষ থেকে জানানো হয়েছে, অভিযোগগুলো খতিয়ে দেখা হচ্ছে। অনিয়ম প্রমাণিত হলে সংশ্লিষ্টদের বিরুদ্ধে ব্যবস্থা নেয়া হবে।
